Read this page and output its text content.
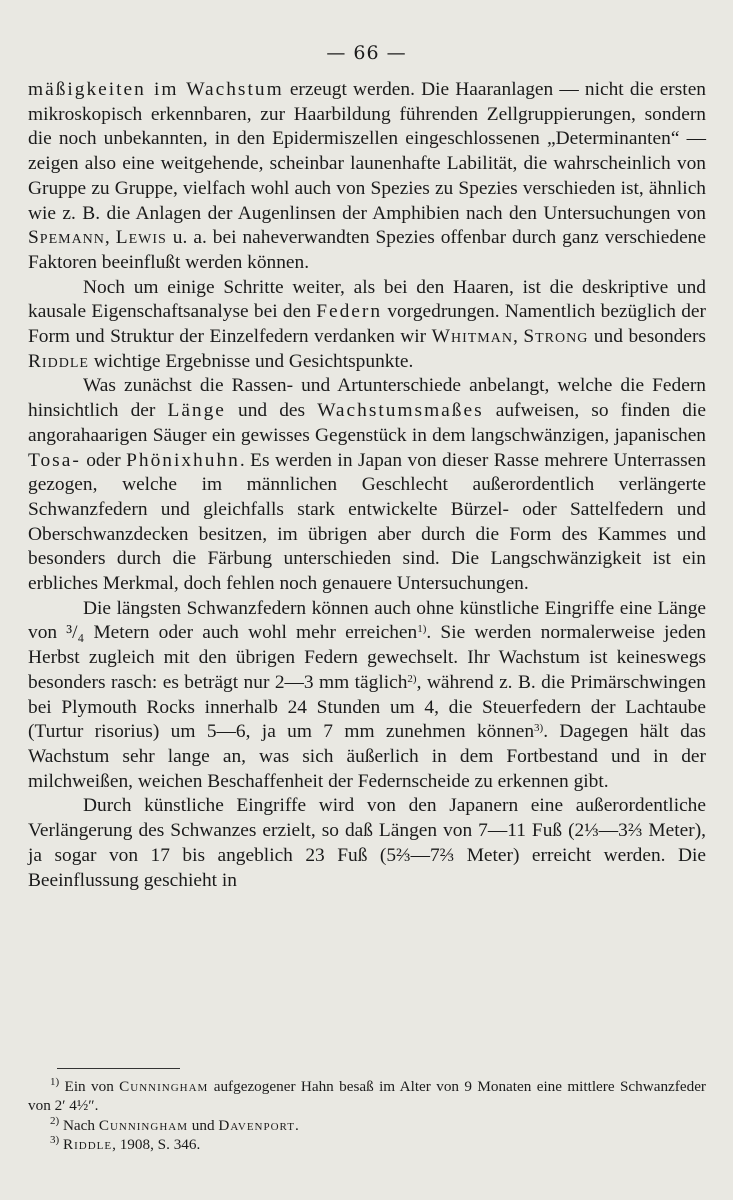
— 66 —

mäßigkeiten im Wachstum erzeugt werden. Die Haaranlagen — nicht die ersten mikroskopisch erkennbaren, zur Haarbildung führenden Zellgruppierungen, sondern die noch unbekannten, in den Epidermiszellen eingeschlossenen „Determinanten“ — zeigen also eine weitgehende, scheinbar launenhafte Labilität, die wahrscheinlich von Gruppe zu Gruppe, vielfach wohl auch von Spezies zu Spezies verschieden ist, ähnlich wie z. B. die Anlagen der Augenlinsen der Amphibien nach den Untersuchungen von Spemann, Lewis u. a. bei naheverwandten Spezies offenbar durch ganz verschiedene Faktoren beeinflußt werden können.

Noch um einige Schritte weiter, als bei den Haaren, ist die deskriptive und kausale Eigenschaftsanalyse bei den Federn vorgedrungen. Namentlich bezüglich der Form und Struktur der Einzelfedern verdanken wir Whitman, Strong und besonders Riddle wichtige Ergebnisse und Gesichtspunkte.

Was zunächst die Rassen- und Artunterschiede anbelangt, welche die Federn hinsichtlich der Länge und des Wachstumsmaßes aufweisen, so finden die angorahaarigen Säuger ein gewisses Gegenstück in dem langschwänzigen, japanischen Tosa- oder Phönixhuhn. Es werden in Japan von dieser Rasse mehrere Unterrassen gezogen, welche im männlichen Geschlecht außerordentlich verlängerte Schwanzfedern und gleichfalls stark entwickelte Bürzel- oder Sattelfedern und Oberschwanzdecken besitzen, im übrigen aber durch die Form des Kammes und besonders durch die Färbung unterschieden sind. Die Langschwänzigkeit ist ein erbliches Merkmal, doch fehlen noch genauere Untersuchungen.

Die längsten Schwanzfedern können auch ohne künstliche Eingriffe eine Länge von ³/₄ Metern oder auch wohl mehr erreichen$^{1)}$. Sie werden normalerweise jeden Herbst zugleich mit den übrigen Federn gewechselt. Ihr Wachstum ist keineswegs besonders rasch: es beträgt nur 2—3 mm täglich$^{2)}$, während z. B. die Primärschwingen bei Plymouth Rocks innerhalb 24 Stunden um 4, die Steuerfedern der Lachtaube (Turtur risorius) um 5—6, ja um 7 mm zunehmen können$^{3)}$. Dagegen hält das Wachstum sehr lange an, was sich äußerlich in dem Fortbestand und in der milchweißen, weichen Beschaffenheit der Federnscheide zu erkennen gibt.

Durch künstliche Eingriffe wird von den Japanern eine außerordentliche Verlängerung des Schwanzes erzielt, so daß Längen von 7—11 Fuß (2⅓—3⅔ Meter), ja sogar von 17 bis angeblich 23 Fuß (5⅔—7⅔ Meter) erreicht werden. Die Beeinflussung geschieht in

$^{1)}$ Ein von Cunningham aufgezogener Hahn besaß im Alter von 9 Monaten eine mittlere Schwanzfeder von 2′ 4½″.

$^{2)}$ Nach Cunningham und Davenport.

$^{3)}$ Riddle, 1908, S. 346.
